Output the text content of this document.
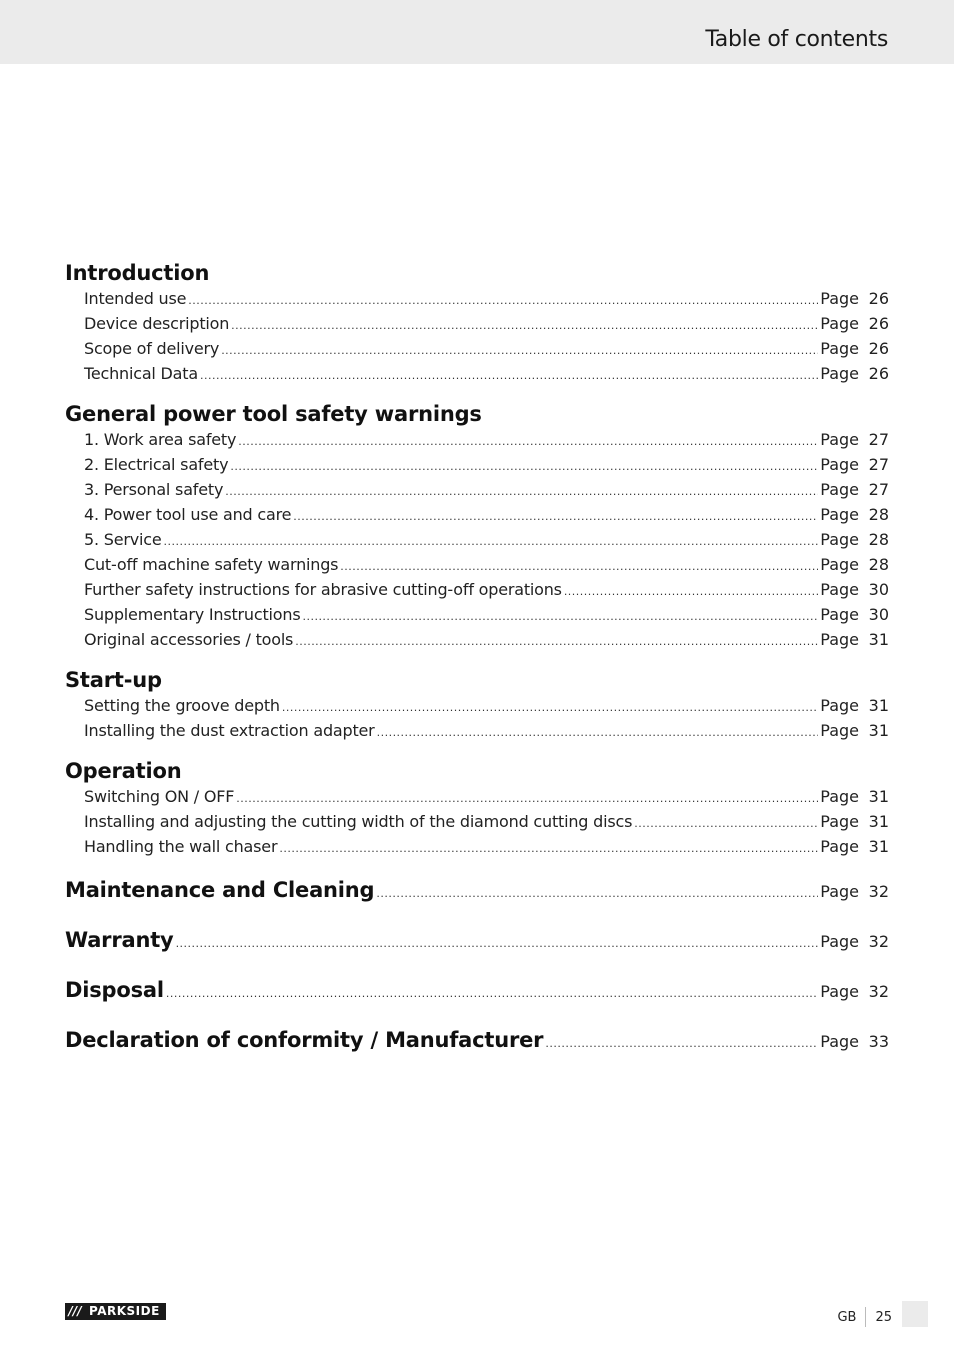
Table of contents
Introduction
Intended use .....	Page 26
Device description .....	Page 26
Scope of delivery .....	Page 26
Technical Data .....	Page 26
General power tool safety warnings
1. Work area safety .....	Page 27
2. Electrical safety .....	Page 27
3. Personal safety .....	Page 27
4. Power tool use and care .....	Page 28
5. Service .....	Page 28
Cut-off machine safety warnings .....	Page 28
Further safety instructions for abrasive cutting-off operations .....	Page 30
Supplementary Instructions .....	Page 30
Original accessories / tools .....	Page 31
Start-up
Setting the groove depth .....	Page 31
Installing the dust extraction adapter .....	Page 31
Operation
Switching ON / OFF .....	Page 31
Installing and adjusting the cutting width of the diamond cutting discs .....	Page 31
Handling the wall chaser .....	Page 31
Maintenance and Cleaning .....	Page 32
Warranty .....	Page 32
Disposal .....	Page 32
Declaration of conformity / Manufacturer .....	Page 33
/// PARKSIDE	GB 25
